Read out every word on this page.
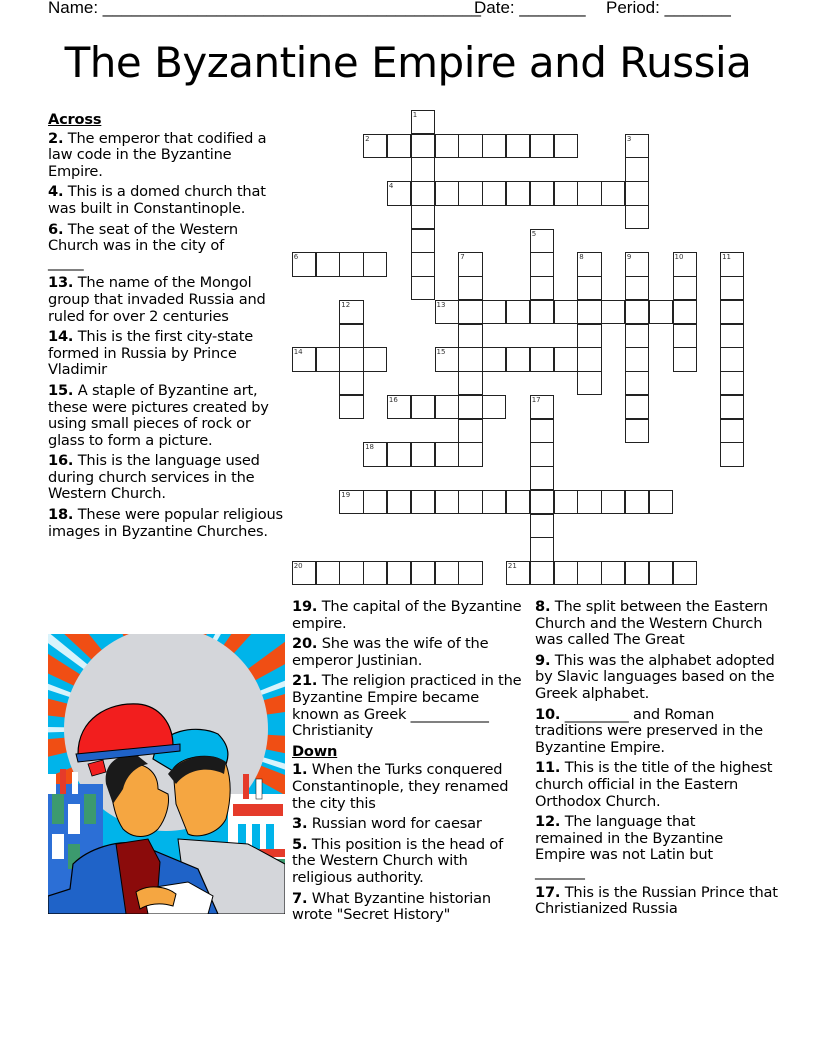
Name: ________________________________________
Date: _______ Period: _______
The Byzantine Empire and Russia
1
2	3
4
5
6	7	8	9	10	11
12	13
14	15
16	17
18
19
20	21
Across
2. The emperor that codified a law code in the Byzantine Empire.
4. This is a domed church that was built in Constantinople.
6. The seat of the Western Church was in the city of _____
13. The name of the Mongol group that invaded Russia and ruled for over 2 centuries
14. This is the first city-state formed in Russia by Prince Vladimir
15. A staple of Byzantine art, these were pictures created by using small pieces of rock or glass to form a picture.
16. This is the language used during church services in the Western Church.
18. These were popular religious images in Byzantine Churches.
19. The capital of the Byzantine empire.
20. She was the wife of the emperor Justinian.
21. The religion practiced in the Byzantine Empire became known as Greek ___________ Christianity
Down
1. When the Turks conquered Constantinople, they renamed the city this
3. Russian word for caesar
5. This position is the head of the Western Church with religious authority.
7. What Byzantine historian wrote "Secret History"
8. The split between the Eastern Church and the Western Church was called The Great
9. This was the alphabet adopted by Slavic languages based on the Greek alphabet.
10. _________ and Roman traditions were preserved in the Byzantine Empire.
11. This is the title of the highest church official in the Eastern Orthodox Church.
12. The language that remained in the Byzantine Empire was not Latin but _______
17. This is the Russian Prince that Christianized Russia
